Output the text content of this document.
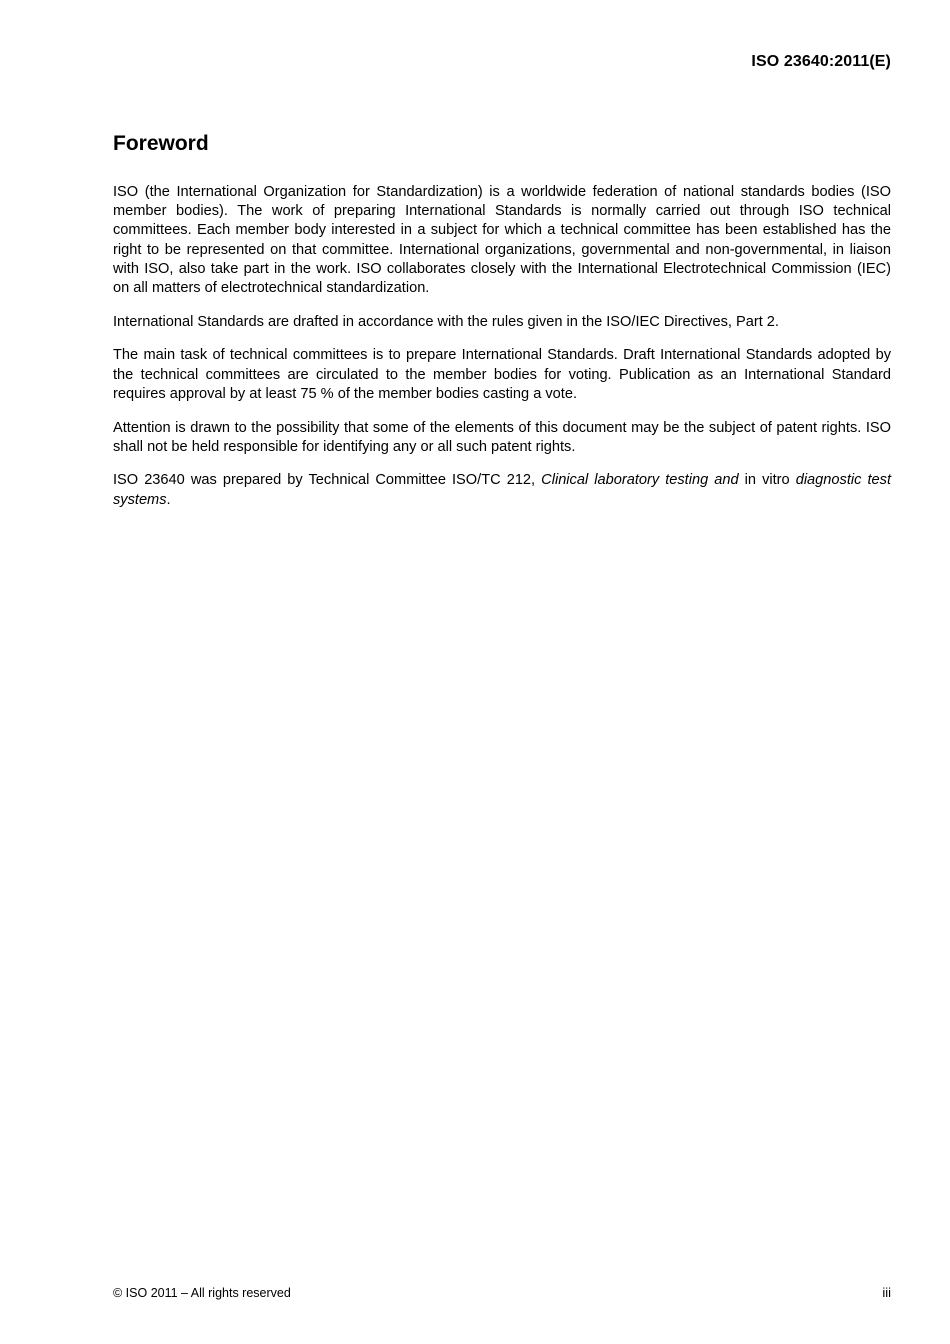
ISO 23640:2011(E)
Foreword

ISO (the International Organization for Standardization) is a worldwide federation of national standards bodies (ISO member bodies). The work of preparing International Standards is normally carried out through ISO technical committees. Each member body interested in a subject for which a technical committee has been established has the right to be represented on that committee. International organizations, governmental and non-governmental, in liaison with ISO, also take part in the work. ISO collaborates closely with the International Electrotechnical Commission (IEC) on all matters of electrotechnical standardization.

International Standards are drafted in accordance with the rules given in the ISO/IEC Directives, Part 2.

The main task of technical committees is to prepare International Standards. Draft International Standards adopted by the technical committees are circulated to the member bodies for voting. Publication as an International Standard requires approval by at least 75 % of the member bodies casting a vote.

Attention is drawn to the possibility that some of the elements of this document may be the subject of patent rights. ISO shall not be held responsible for identifying any or all such patent rights.

ISO 23640 was prepared by Technical Committee ISO/TC 212, Clinical laboratory testing and in vitro diagnostic test systems.

© ISO 2011 – All rights reserved	iii
